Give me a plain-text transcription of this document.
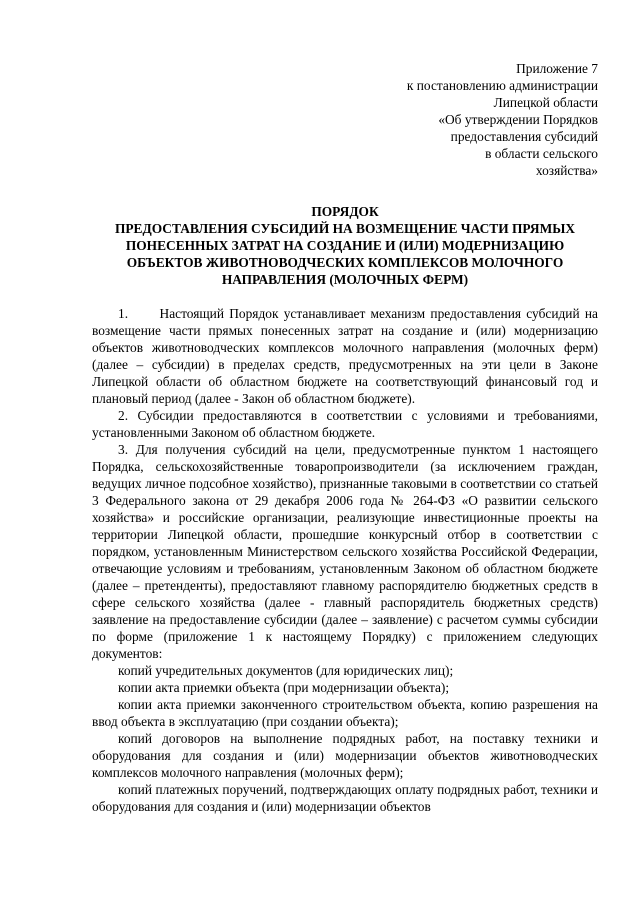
Приложение 7
к постановлению администрации
Липецкой области
«Об утверждении Порядков
предоставления субсидий
в области сельского
хозяйства»
ПОРЯДОК
ПРЕДОСТАВЛЕНИЯ СУБСИДИЙ НА ВОЗМЕЩЕНИЕ ЧАСТИ ПРЯМЫХ
ПОНЕСЕННЫХ ЗАТРАТ НА СОЗДАНИЕ И (ИЛИ) МОДЕРНИЗАЦИЮ
ОБЪЕКТОВ ЖИВОТНОВОДЧЕСКИХ КОМПЛЕКСОВ МОЛОЧНОГО
НАПРАВЛЕНИЯ (МОЛОЧНЫХ ФЕРМ)

1.      Настоящий Порядок устанавливает механизм предоставления субсидий на возмещение части прямых понесенных затрат на создание и (или) модернизацию объектов животноводческих комплексов молочного направления (молочных ферм) (далее – субсидии) в пределах средств, предусмотренных на эти цели в Законе Липецкой области об областном бюджете на соответствующий финансовый год и плановый период (далее - Закон об областном бюджете).

2. Субсидии предоставляются в соответствии с условиями и требованиями, установленными Законом об областном бюджете.

3. Для получения субсидий на цели, предусмотренные пунктом 1 настоящего Порядка, сельскохозяйственные товаропроизводители (за исключением граждан, ведущих личное подсобное хозяйство), признанные таковыми в соответствии со статьей 3 Федерального закона от 29 декабря 2006 года № 264-ФЗ «О развитии сельского хозяйства» и российские организации, реализующие инвестиционные проекты на территории Липецкой области, прошедшие конкурсный отбор в соответствии с порядком, установленным Министерством сельского хозяйства Российской Федерации, отвечающие условиям и требованиям, установленным Законом об областном бюджете (далее – претенденты), предоставляют главному распорядителю бюджетных средств в сфере сельского хозяйства (далее - главный распорядитель бюджетных средств) заявление на предоставление субсидии (далее – заявление) с расчетом суммы субсидии по форме (приложение 1 к настоящему Порядку) с приложением следующих документов:

копий учредительных документов (для юридических лиц);

копии акта приемки объекта (при модернизации объекта);

копии акта приемки законченного строительством объекта, копию разрешения на ввод объекта в эксплуатацию (при создании объекта);

копий договоров на выполнение подрядных работ, на поставку техники и оборудования для создания и (или) модернизации объектов животноводческих комплексов молочного направления (молочных ферм);

копий платежных поручений, подтверждающих оплату подрядных работ, техники и оборудования для создания и (или) модернизации объектов
